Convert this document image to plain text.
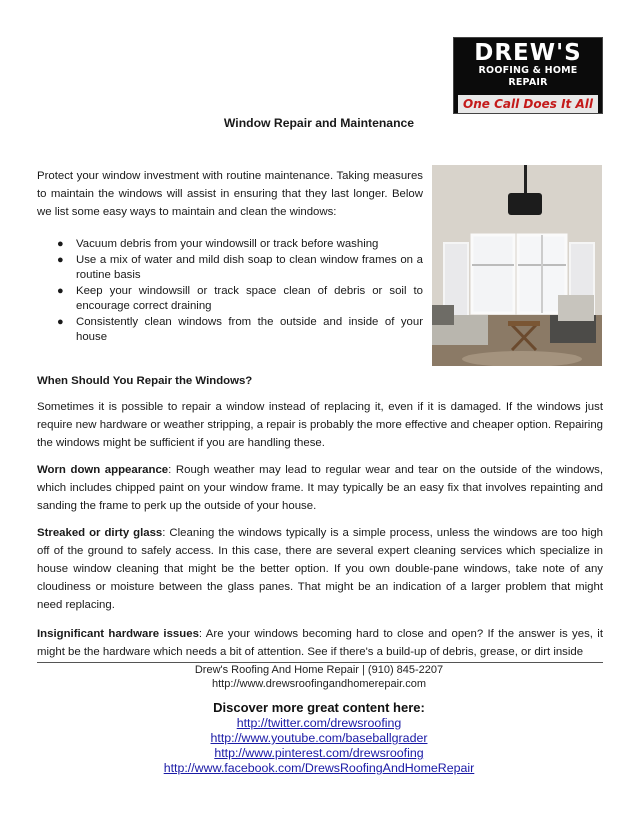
DREW'S
ROOFING & HOME REPAIR
One Call Does It All
Window Repair and Maintenance
Protect your window investment with routine maintenance. Taking measures to maintain the windows will assist in ensuring that they last longer. Below we list some easy ways to maintain and clean the windows:
● Vacuum debris from your windowsill or track before washing
● Use a mix of water and mild dish soap to clean window frames on a routine basis
● Keep your windowsill or track space clean of debris or soil to encourage correct draining
● Consistently clean windows from the outside and inside of your house
When Should You Repair the Windows?
Sometimes it is possible to repair a window instead of replacing it, even if it is damaged. If the windows just require new hardware or weather stripping, a repair is probably the more effective and cheaper option. Repairing the windows might be sufficient if you are handling these.
Worn down appearance: Rough weather may lead to regular wear and tear on the outside of the windows, which includes chipped paint on your window frame. It may typically be an easy fix that involves repainting and sanding the frame to perk up the outside of your house.
Streaked or dirty glass: Cleaning the windows typically is a simple process, unless the windows are too high off of the ground to safely access. In this case, there are several expert cleaning services which specialize in house window cleaning that might be the better option. If you own double-pane windows, take note of any cloudiness or moisture between the glass panes. That might be an indication of a larger problem that might need replacing.
Insignificant hardware issues: Are your windows becoming hard to close and open? If the answer is yes, it might be the hardware which needs a bit of attention. See if there's a build-up of debris, grease, or dirt inside
Drew's Roofing And Home Repair | (910) 845-2207
http://www.drewsroofingandhomerepair.com
Discover more great content here:
http://twitter.com/drewsroofing
http://www.youtube.com/baseballgrader
http://www.pinterest.com/drewsroofing
http://www.facebook.com/DrewsRoofingAndHomeRepair
